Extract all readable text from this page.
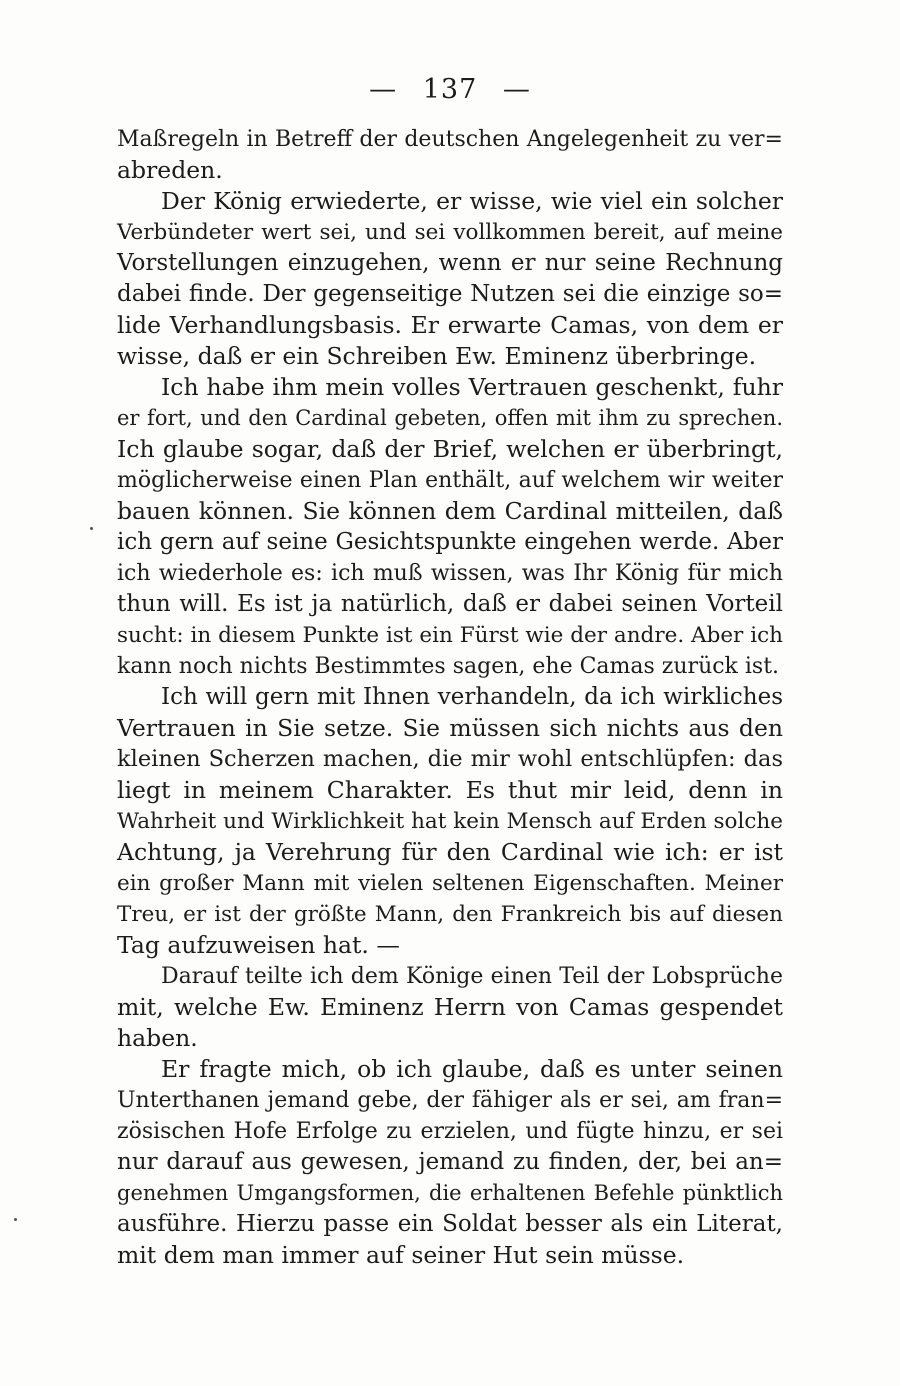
— 137 —
Maßregeln in Betreff der deutschen Angelegenheit zu ver=
abreden.
Der König erwiederte, er wisse, wie viel ein solcher
Verbündeter wert sei, und sei vollkommen bereit, auf meine
Vorstellungen einzugehen, wenn er nur seine Rechnung
dabei finde. Der gegenseitige Nutzen sei die einzige so=
lide Verhandlungsbasis. Er erwarte Camas, von dem er
wisse, daß er ein Schreiben Ew. Eminenz überbringe.
Ich habe ihm mein volles Vertrauen geschenkt, fuhr
er fort, und den Cardinal gebeten, offen mit ihm zu sprechen.
Ich glaube sogar, daß der Brief, welchen er überbringt,
möglicherweise einen Plan enthält, auf welchem wir weiter
bauen können. Sie können dem Cardinal mitteilen, daß
ich gern auf seine Gesichtspunkte eingehen werde. Aber
ich wiederhole es: ich muß wissen, was Ihr König für mich
thun will. Es ist ja natürlich, daß er dabei seinen Vorteil
sucht: in diesem Punkte ist ein Fürst wie der andre. Aber ich
kann noch nichts Bestimmtes sagen, ehe Camas zurück ist.
Ich will gern mit Ihnen verhandeln, da ich wirkliches
Vertrauen in Sie setze. Sie müssen sich nichts aus den
kleinen Scherzen machen, die mir wohl entschlüpfen: das
liegt in meinem Charakter. Es thut mir leid, denn in
Wahrheit und Wirklichkeit hat kein Mensch auf Erden solche
Achtung, ja Verehrung für den Cardinal wie ich: er ist
ein großer Mann mit vielen seltenen Eigenschaften. Meiner
Treu, er ist der größte Mann, den Frankreich bis auf diesen
Tag aufzuweisen hat. —
Darauf teilte ich dem Könige einen Teil der Lobsprüche
mit, welche Ew. Eminenz Herrn von Camas gespendet
haben.
Er fragte mich, ob ich glaube, daß es unter seinen
Unterthanen jemand gebe, der fähiger als er sei, am fran=
zösischen Hofe Erfolge zu erzielen, und fügte hinzu, er sei
nur darauf aus gewesen, jemand zu finden, der, bei an=
genehmen Umgangsformen, die erhaltenen Befehle pünktlich
ausführe. Hierzu passe ein Soldat besser als ein Literat,
mit dem man immer auf seiner Hut sein müsse.
